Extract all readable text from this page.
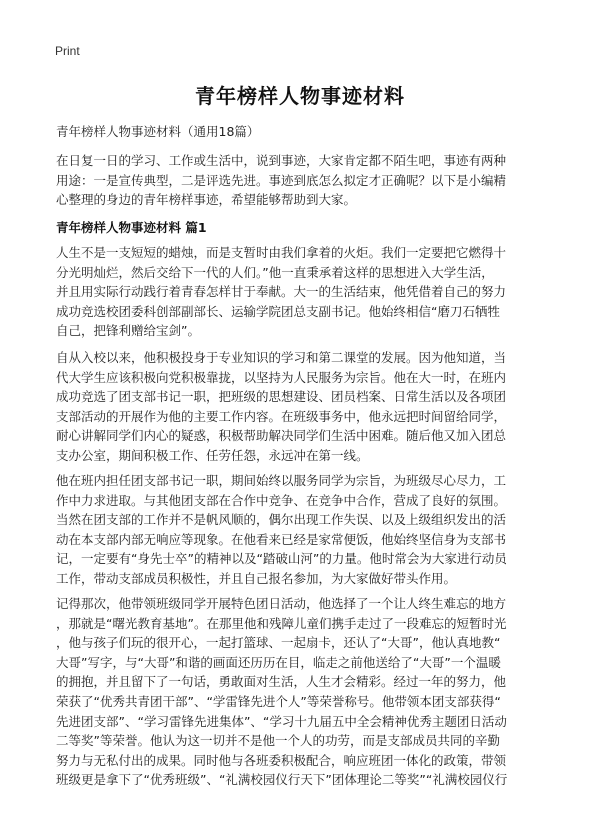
Print
青年榜样人物事迹材料
青年榜样人物事迹材料（通用18篇）
在日复一日的学习、工作或生活中，说到事迹，大家肯定都不陌生吧，事迹有两种
用途：一是宣传典型，二是评选先进。事迹到底怎么拟定才正确呢？以下是小编精
心整理的身边的青年榜样事迹，希望能够帮助到大家。
青年榜样人物事迹材料 篇1
人生不是一支短短的蜡烛，而是支暂时由我们拿着的火炬。我们一定要把它燃得十
分光明灿烂，然后交给下一代的人们。”他一直秉承着这样的思想进入大学生活，
并且用实际行动践行着青春怎样甘于奉献。大一的生活结束，他凭借着自己的努力
成功竞选校团委科创部副部长、运输学院团总支副书记。他始终相信“磨刀石牺牲
自己，把锋利赠给宝剑”。
自从入校以来，他积极投身于专业知识的学习和第二课堂的发展。因为他知道，当
代大学生应该积极向党积极靠拢，以坚持为人民服务为宗旨。他在大一时，在班内
成功竞选了团支部书记一职，把班级的思想建设、团员档案、日常生活以及各项团
支部活动的开展作为他的主要工作内容。在班级事务中，他永远把时间留给同学，
耐心讲解同学们内心的疑惑，积极帮助解决同学们生活中困难。随后他又加入团总
支办公室，期间积极工作、任劳任怨，永远冲在第一线。
他在班内担任团支部书记一职，期间始终以服务同学为宗旨，为班级尽心尽力，工
作中力求进取。与其他团支部在合作中竞争、在竞争中合作，营成了良好的氛围。
当然在团支部的工作并不是帆风顺的，偶尔出现工作失误、以及上级组织发出的活
动在本支部内部无响应等现象。在他看来已经是家常便饭，他始终坚信身为支部书
记，一定要有“身先士卒”的精神以及“踏破山河”的力量。他时常会为大家进行动员
工作，带动支部成员积极性，并且自己报名参加，为大家做好带头作用。
记得那次，他带领班级同学开展特色团日活动，他选择了一个让人终生难忘的地方
，那就是“曙光教育基地”。在那里他和残障儿童们携手走过了一段难忘的短暂时光
，他与孩子们玩的很开心，一起打篮球、一起扇卡，还认了“大哥”，他认真地教“
大哥”写字，与“大哥”和谐的画面还历历在目，临走之前他送给了“大哥”一个温暖
的拥抱，并且留下了一句话，勇敢面对生活，人生才会精彩。经过一年的努力，他
荣获了“优秀共青团干部”、“学雷锋先进个人”等荣誉称号。他带领本团支部获得“
先进团支部”、“学习雷锋先进集体”、“学习十九届五中全会精神优秀主题团日活动
二等奖”等荣誉。他认为这一切并不是他一个人的功劳，而是支部成员共同的辛勤
努力与无私付出的成果。同时他与各班委积极配合，响应班团一体化的政策，带领
班级更是拿下了“优秀班级”、“礼满校园仪行天下”团体理论二等奖”“礼满校园仪行
